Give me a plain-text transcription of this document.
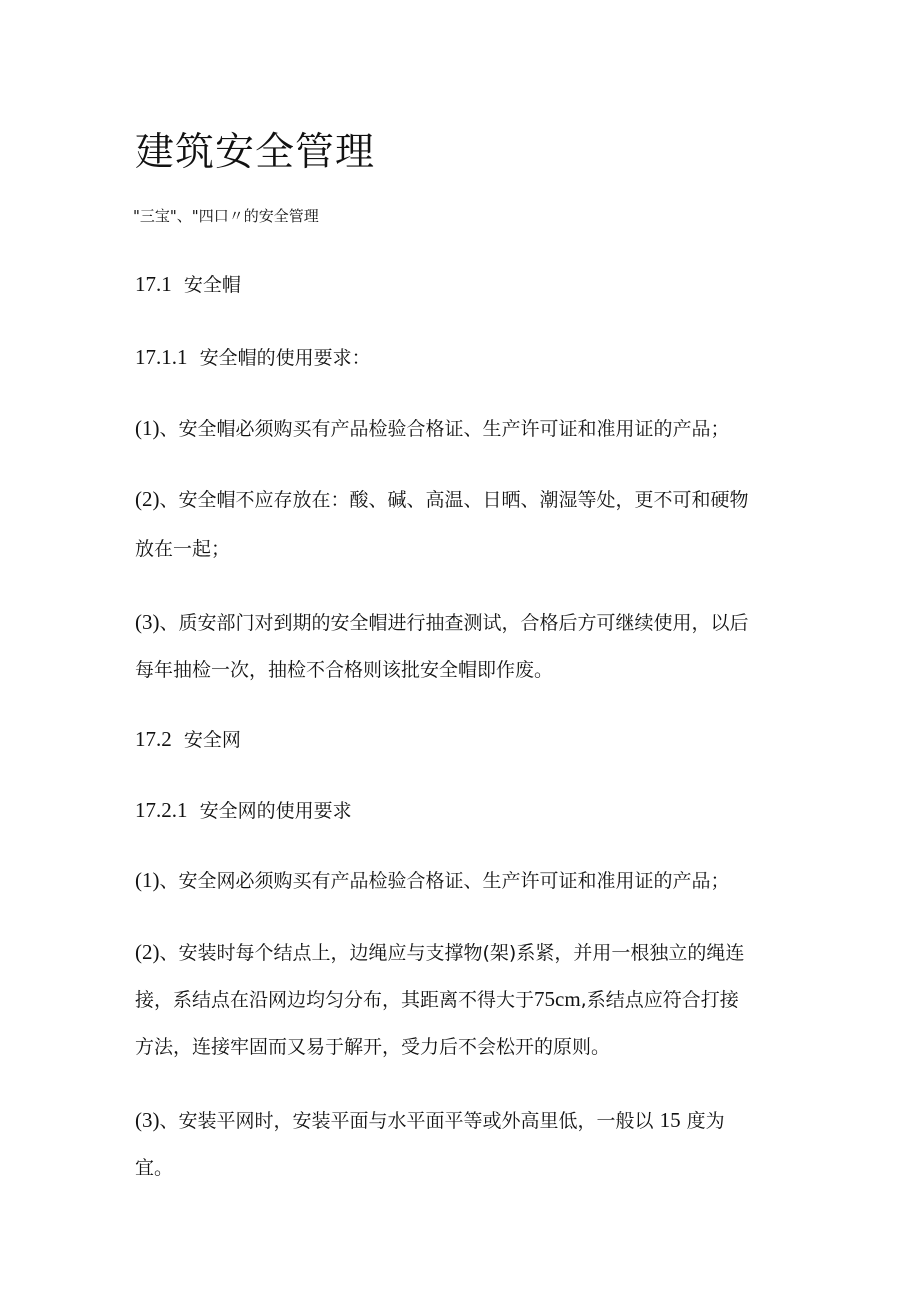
建筑安全管理

"三宝"、"四口〃的安全管理

17.1 安全帽

17.1.1 安全帽的使用要求：

(1)、安全帽必须购买有产品检验合格证、生产许可证和准用证的产品；

(2)、安全帽不应存放在：酸、碱、高温、日晒、潮湿等处，更不可和硬物

放在一起；

(3)、质安部门对到期的安全帽进行抽查测试，合格后方可继续使用，以后

每年抽检一次，抽检不合格则该批安全帽即作废。

17.2 安全网

17.2.1 安全网的使用要求

(1)、安全网必须购买有产品检验合格证、生产许可证和准用证的产品；

(2)、安装时每个结点上，边绳应与支撑物(架)系紧，并用一根独立的绳连

接，系结点在沿网边均匀分布，其距离不得大于75cm,系结点应符合打接

方法，连接牢固而又易于解开，受力后不会松开的原则。

(3)、安装平网时，安装平面与水平面平等或外高里低，一般以 15 度为

宜。
